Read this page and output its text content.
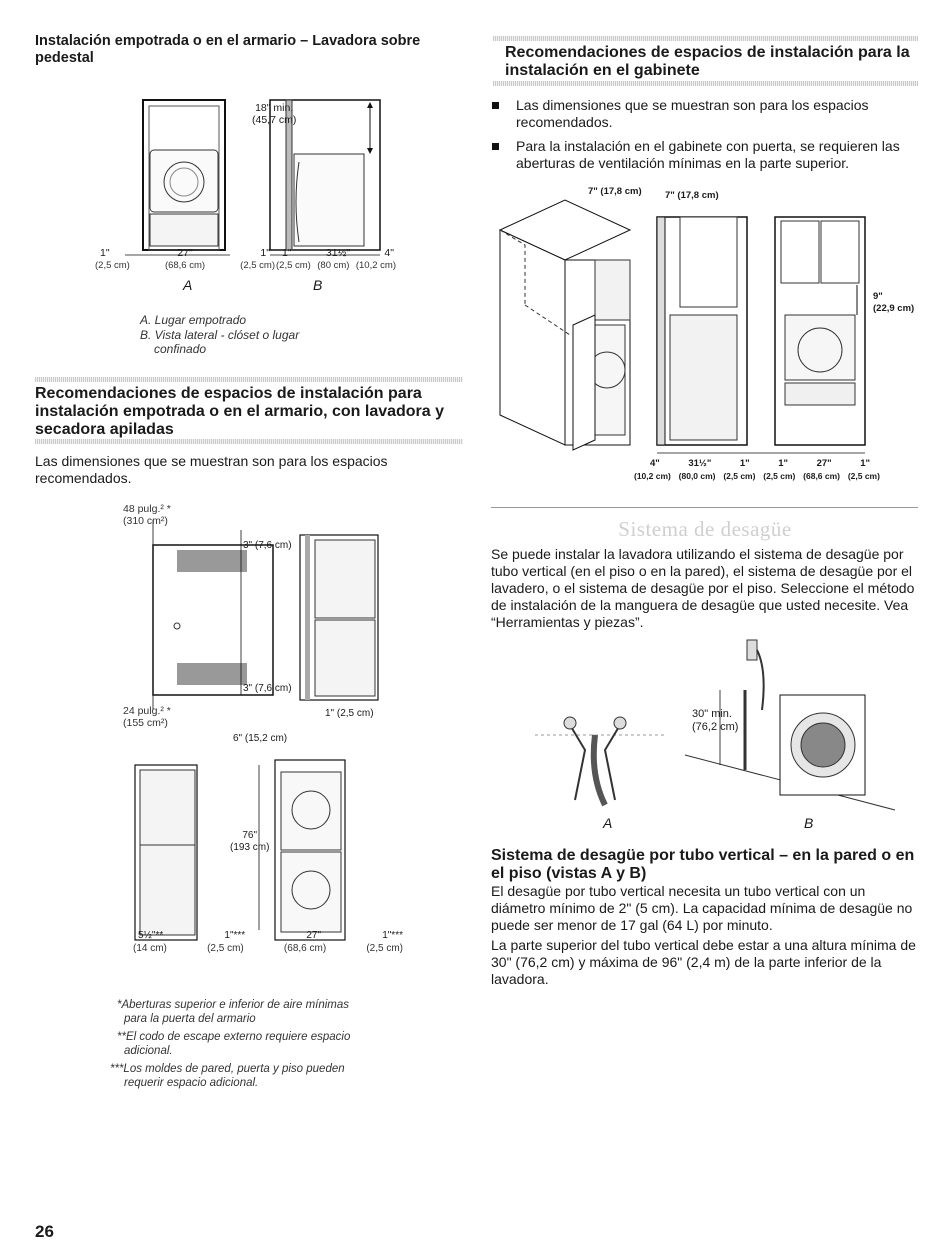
Instalación empotrada o en el armario – Lavadora sobre pedestal
18" min.
(45,7 cm)
1"	27"	1"
(2,5 cm)	(68,6 cm)	(2,5 cm)
1"	31½"	4"
(2,5 cm) (80 cm) (10,2 cm)
A	B
A. Lugar empotrado
B. Vista lateral - clóset o lugar
confinado
Recomendaciones de espacios de instalación para instalación empotrada o en el armario, con lavadora y secadora apiladas
Las dimensiones que se muestran son para los espacios recomendados.
48 pulg.² *
(310 cm²)
24 pulg.² *
(155 cm²)
3" (7,6 cm)
3" (7,6 cm)
1" (2,5 cm)
6" (15,2 cm)
76"
(193 cm)
5½"**	1"***	27"	1"***
(14 cm)	(2,5 cm)	(68,6 cm)	(2,5 cm)
*Aberturas superior e inferior de aire mínimas
para la puerta del armario
**El codo de escape externo requiere espacio
adicional.
***Los moldes de pared, puerta y piso pueden
requerir espacio adicional.
26
Recomendaciones de espacios de instalación para la instalación en el gabinete
Las dimensiones que se muestran son para los espacios recomendados.
Para la instalación en el gabinete con puerta, se requieren las aberturas de ventilación mínimas en la parte superior.
7" (17,8 cm) 7" (17,8 cm)
9"
(22,9 cm)
4"	31½"	1"	1"	27"	1"
(10,2 cm) (80,0 cm) (2,5 cm) (2,5 cm) (68,6 cm) (2,5 cm)
Sistema de desagüe
Se puede instalar la lavadora utilizando el sistema de desagüe por tubo vertical (en el piso o en la pared), el sistema de desagüe por el lavadero, o el sistema de desagüe por el piso. Seleccione el método de instalación de la manguera de desagüe que usted necesite. Vea “Herramientas y piezas”.
30" min.
(76,2 cm)
A	B
Sistema de desagüe por tubo vertical – en la pared o en el piso (vistas A y B)
El desagüe por tubo vertical necesita un tubo vertical con un diámetro mínimo de 2" (5 cm). La capacidad mínima de desagüe no puede ser menor de 17 gal (64 L) por minuto.
La parte superior del tubo vertical debe estar a una altura mínima de 30" (76,2 cm) y máxima de 96" (2,4 m) de la parte inferior de la lavadora.
